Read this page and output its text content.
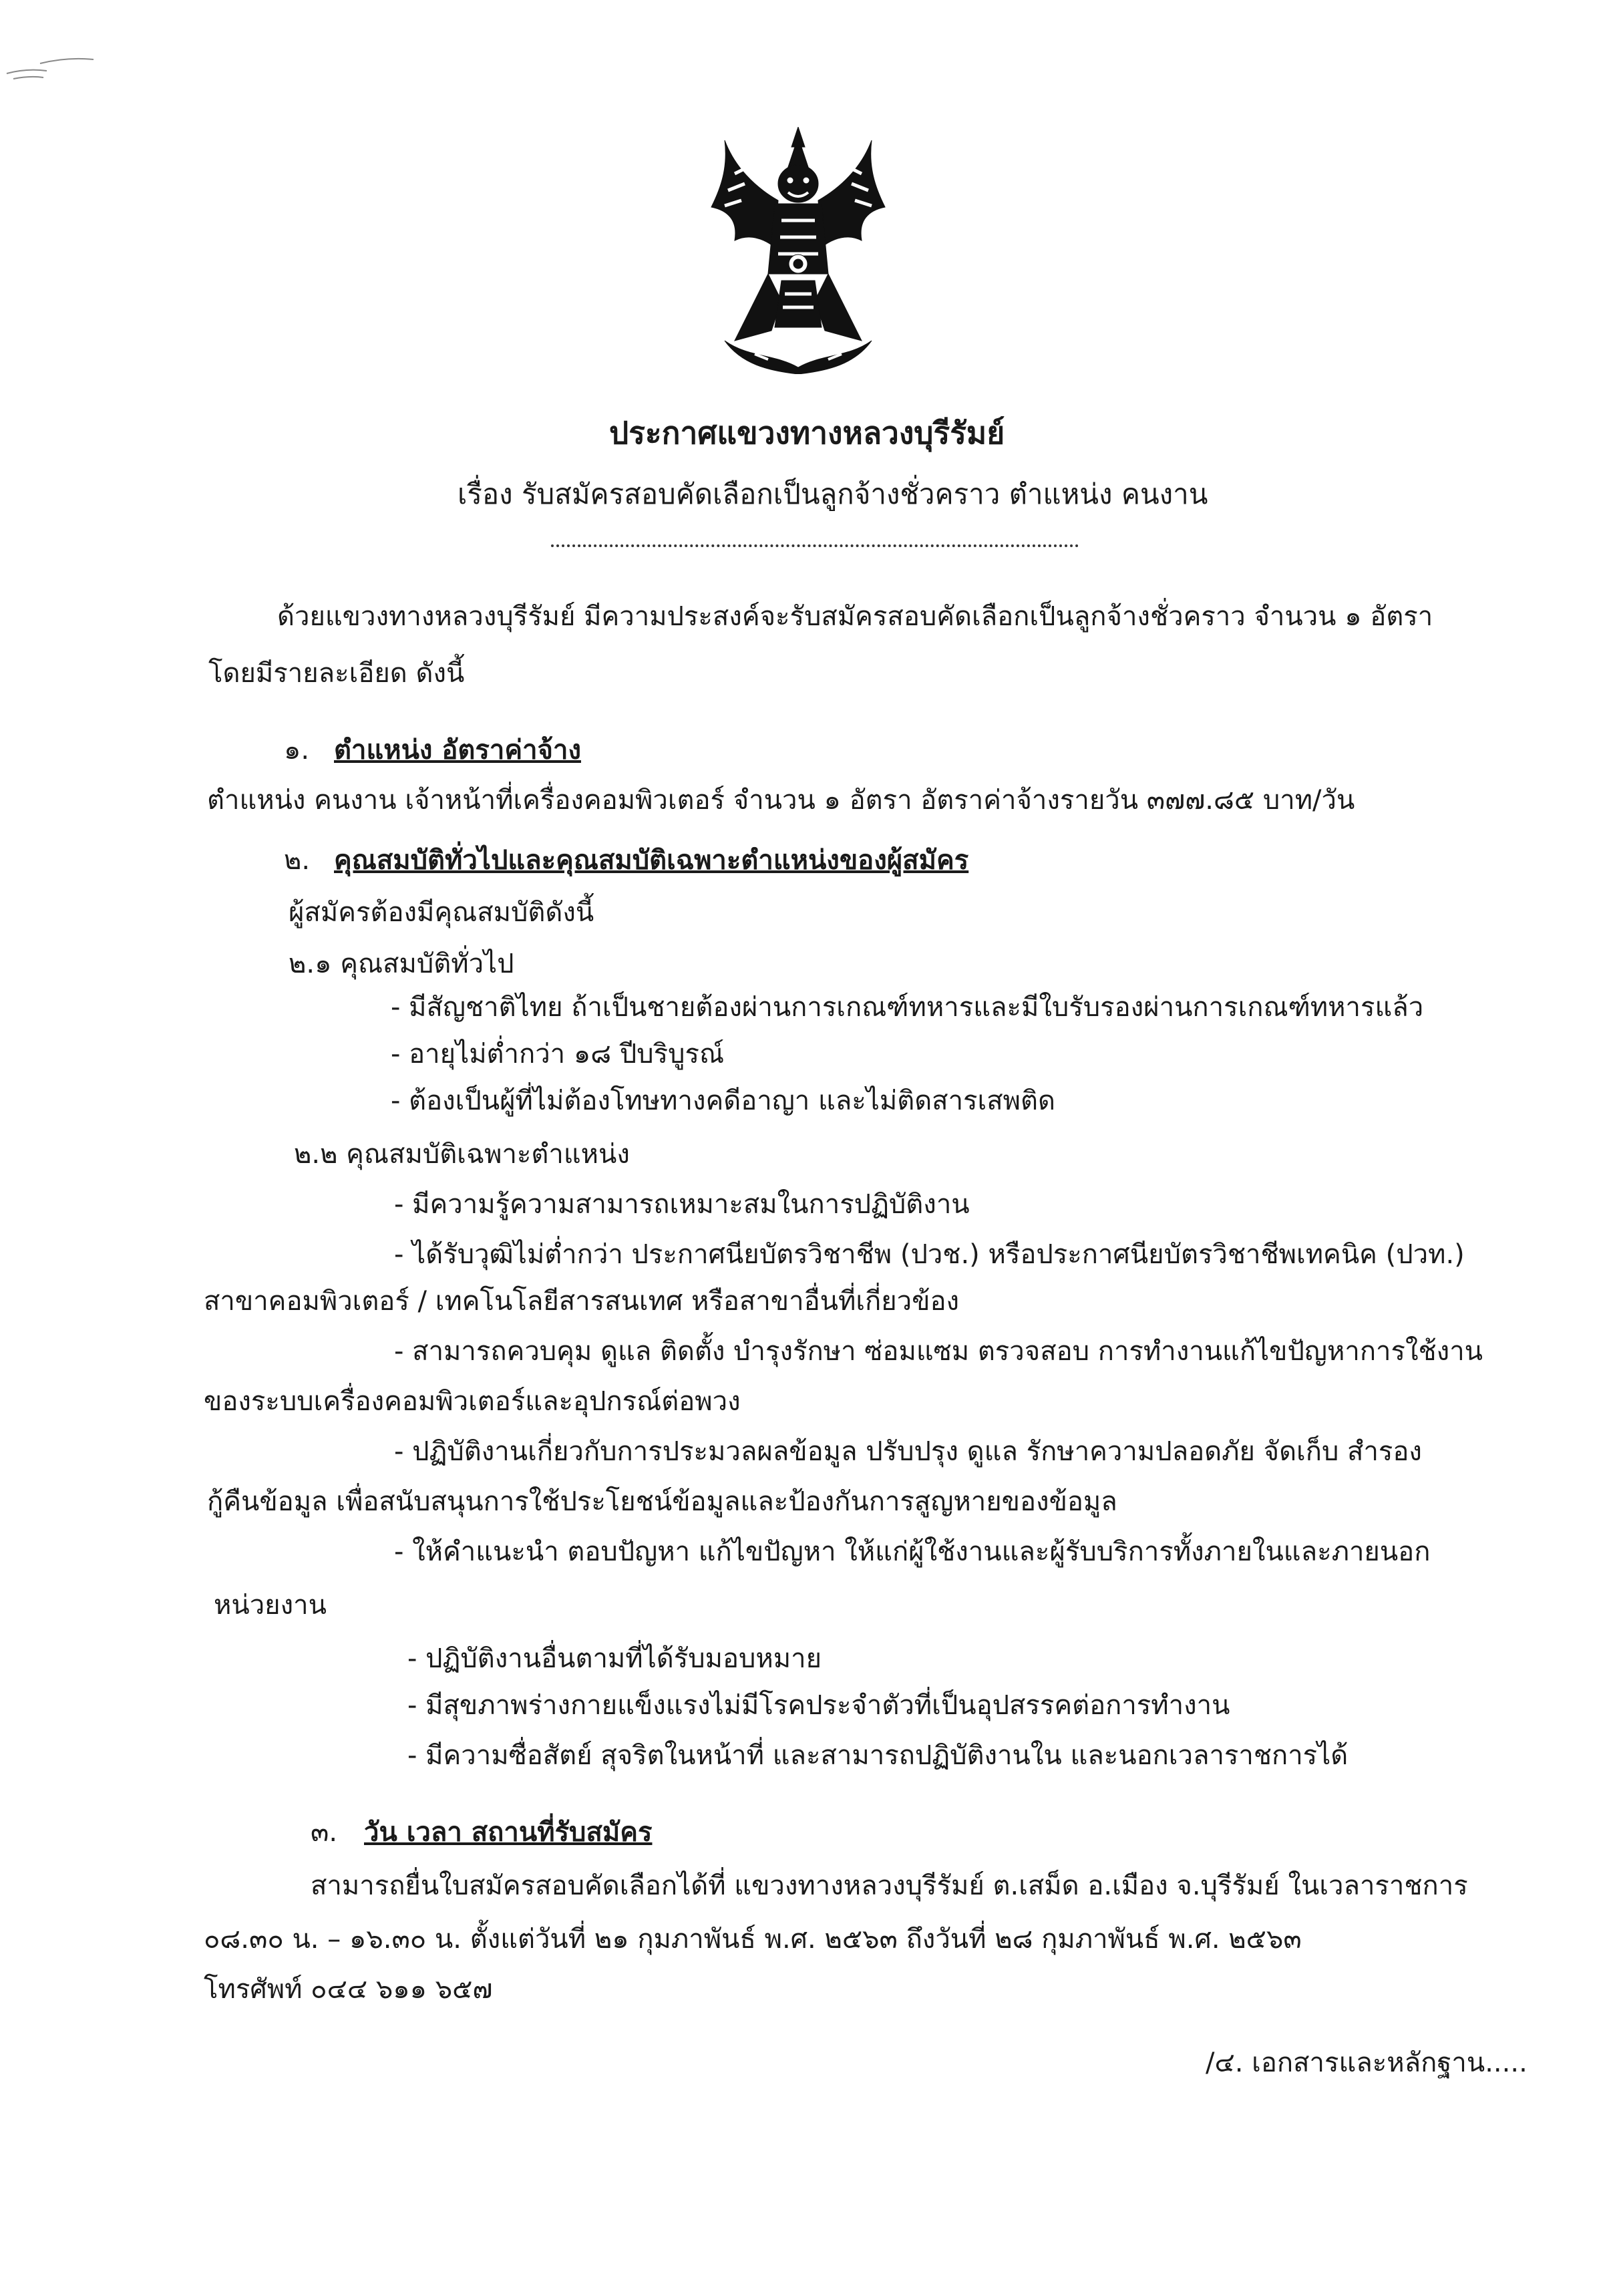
ประกาศแขวงทางหลวงบุรีรัมย์
เรื่อง รับสมัครสอบคัดเลือกเป็นลูกจ้างชั่วคราว ตำแหน่ง คนงาน
ด้วยแขวงทางหลวงบุรีรัมย์ มีความประสงค์จะรับสมัครสอบคัดเลือกเป็นลูกจ้างชั่วคราว จำนวน ๑ อัตรา
โดยมีรายละเอียด ดังนี้
๑. ตำแหน่ง อัตราค่าจ้าง
ตำแหน่ง คนงาน เจ้าหน้าที่เครื่องคอมพิวเตอร์ จำนวน ๑ อัตรา อัตราค่าจ้างรายวัน ๓๗๗.๘๕ บาท/วัน
๒. คุณสมบัติทั่วไปและคุณสมบัติเฉพาะตำแหน่งของผู้สมัคร
ผู้สมัครต้องมีคุณสมบัติดังนี้
๒.๑ คุณสมบัติทั่วไป
- มีสัญชาติไทย ถ้าเป็นชายต้องผ่านการเกณฑ์ทหารและมีใบรับรองผ่านการเกณฑ์ทหารแล้ว
- อายุไม่ต่ำกว่า ๑๘ ปีบริบูรณ์
- ต้องเป็นผู้ที่ไม่ต้องโทษทางคดีอาญา และไม่ติดสารเสพติด
๒.๒ คุณสมบัติเฉพาะตำแหน่ง
- มีความรู้ความสามารถเหมาะสมในการปฏิบัติงาน
- ได้รับวุฒิไม่ต่ำกว่า ประกาศนียบัตรวิชาชีพ (ปวช.) หรือประกาศนียบัตรวิชาชีพเทคนิค (ปวท.)
สาขาคอมพิวเตอร์ / เทคโนโลยีสารสนเทศ หรือสาขาอื่นที่เกี่ยวข้อง
- สามารถควบคุม ดูแล ติดตั้ง บำรุงรักษา ซ่อมแซม ตรวจสอบ การทำงานแก้ไขปัญหาการใช้งาน
ของระบบเครื่องคอมพิวเตอร์และอุปกรณ์ต่อพวง
- ปฏิบัติงานเกี่ยวกับการประมวลผลข้อมูล ปรับปรุง ดูแล รักษาความปลอดภัย จัดเก็บ สำรอง
กู้คืนข้อมูล เพื่อสนับสนุนการใช้ประโยชน์ข้อมูลและป้องกันการสูญหายของข้อมูล
- ให้คำแนะนำ ตอบปัญหา แก้ไขปัญหา ให้แก่ผู้ใช้งานและผู้รับบริการทั้งภายในและภายนอก
หน่วยงาน
- ปฏิบัติงานอื่นตามที่ได้รับมอบหมาย
- มีสุขภาพร่างกายแข็งแรงไม่มีโรคประจำตัวที่เป็นอุปสรรคต่อการทำงาน
- มีความซื่อสัตย์ สุจริตในหน้าที่ และสามารถปฏิบัติงานใน และนอกเวลาราชการได้
๓. วัน เวลา สถานที่รับสมัคร
สามารถยื่นใบสมัครสอบคัดเลือกได้ที่ แขวงทางหลวงบุรีรัมย์ ต.เสม็ด อ.เมือง จ.บุรีรัมย์ ในเวลาราชการ
๐๘.๓๐ น. – ๑๖.๓๐ น. ตั้งแต่วันที่ ๒๑ กุมภาพันธ์ พ.ศ. ๒๕๖๓ ถึงวันที่ ๒๘ กุมภาพันธ์ พ.ศ. ๒๕๖๓
โทรศัพท์ ๐๔๔ ๖๑๑ ๖๕๗
/๔. เอกสารและหลักฐาน.....
